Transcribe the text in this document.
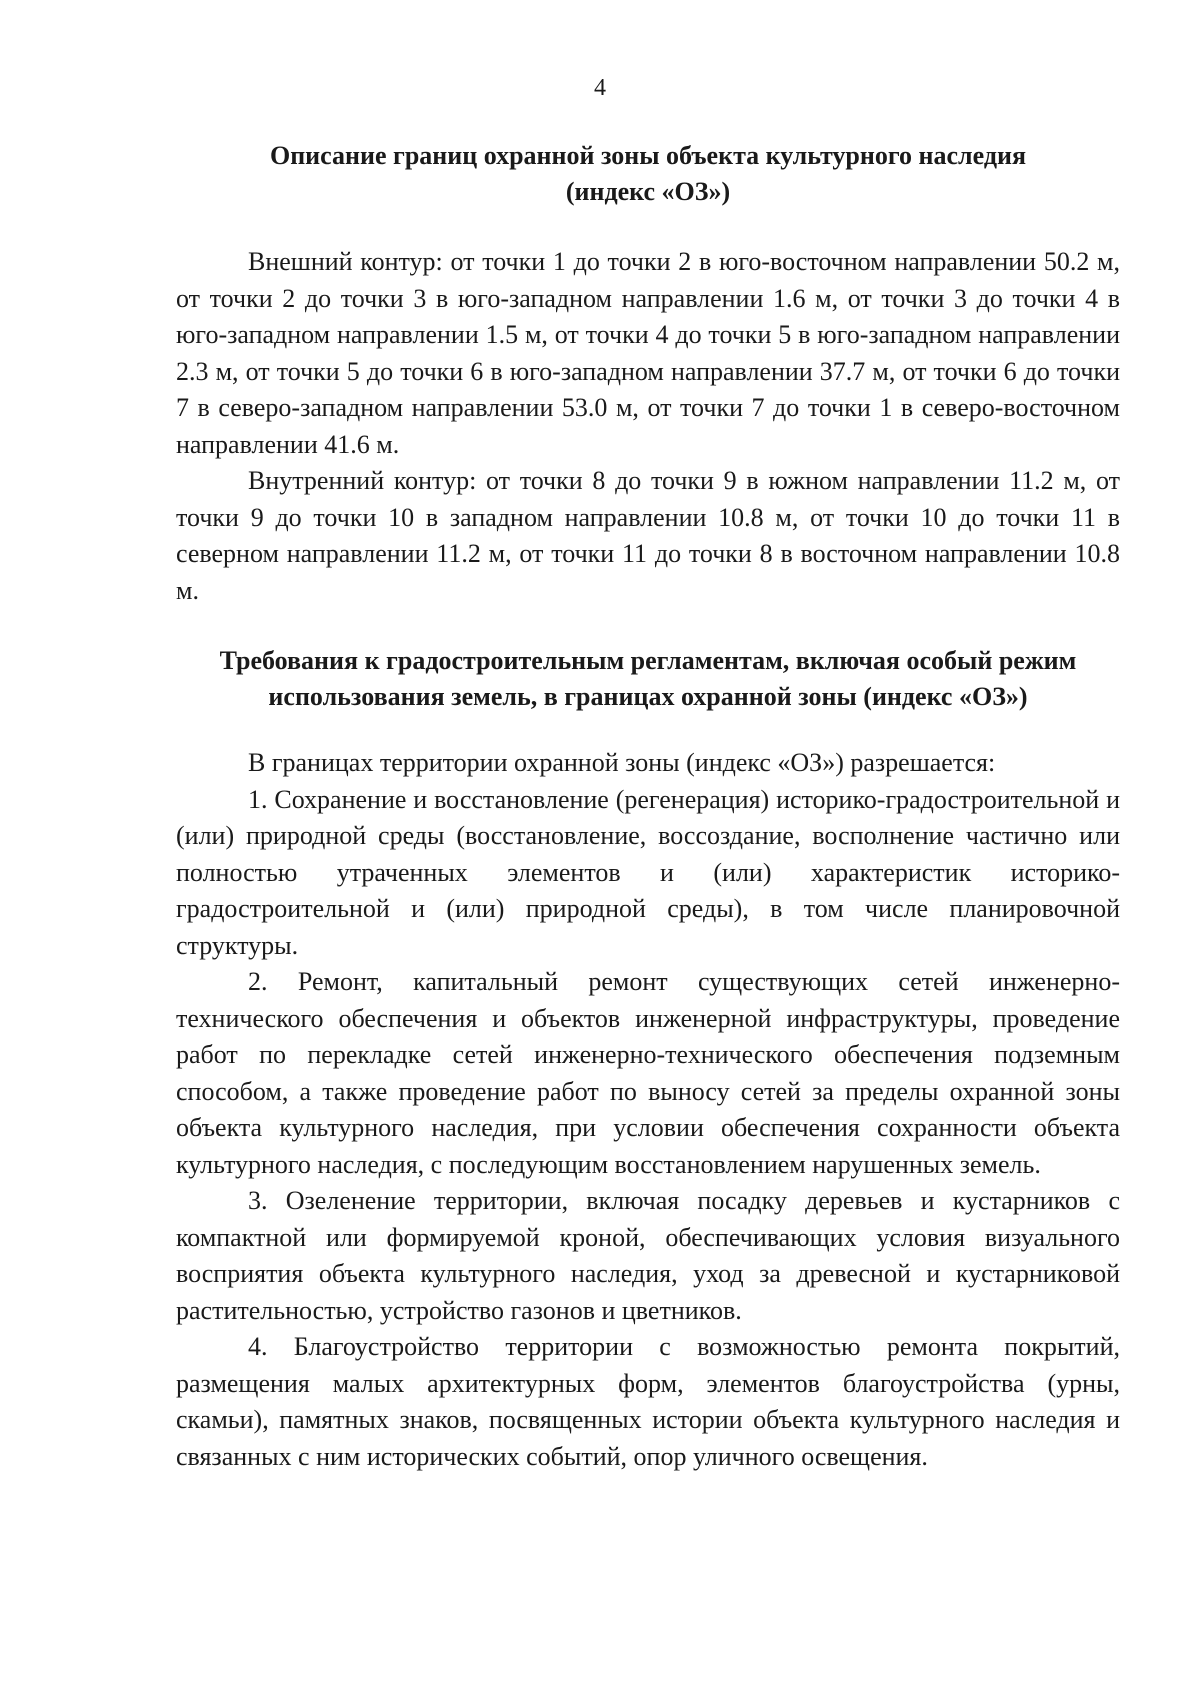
4
Описание границ охранной зоны объекта культурного наследия
(индекс «ОЗ»)

Внешний контур: от точки 1 до точки 2 в юго-восточном направлении 50.2 м, от точки 2 до точки 3 в юго-западном направлении 1.6 м, от точки 3 до точки 4 в юго-западном направлении 1.5 м, от точки 4 до точки 5 в юго-западном направлении 2.3 м, от точки 5 до точки 6 в юго-западном направлении 37.7 м, от точки 6 до точки 7 в северо-западном направлении 53.0 м, от точки 7 до точки 1 в северо-восточном направлении 41.6 м.

Внутренний контур: от точки 8 до точки 9 в южном направлении 11.2 м, от точки 9 до точки 10 в западном направлении 10.8 м, от точки 10 до точки 11 в северном направлении 11.2 м, от точки 11 до точки 8 в восточном направлении 10.8 м.

Требования к градостроительным регламентам, включая особый режим
использования земель, в границах охранной зоны (индекс «ОЗ»)

В границах территории охранной зоны (индекс «ОЗ») разрешается:

1. Сохранение и восстановление (регенерация) историко-градостроительной и (или) природной среды (восстановление, воссоздание, восполнение частично или полностью утраченных элементов и (или) характеристик историко-градостроительной и (или) природной среды), в том числе планировочной структуры.

2. Ремонт, капитальный ремонт существующих сетей инженерно-технического обеспечения и объектов инженерной инфраструктуры, проведение работ по перекладке сетей инженерно-технического обеспечения подземным способом, а также проведение работ по выносу сетей за пределы охранной зоны объекта культурного наследия, при условии обеспечения сохранности объекта культурного наследия, с последующим восстановлением нарушенных земель.

3. Озеленение территории, включая посадку деревьев и кустарников с компактной или формируемой кроной, обеспечивающих условия визуального восприятия объекта культурного наследия, уход за древесной и кустарниковой растительностью, устройство газонов и цветников.

4. Благоустройство территории с возможностью ремонта покрытий, размещения малых архитектурных форм, элементов благоустройства (урны, скамьи), памятных знаков, посвященных истории объекта культурного наследия и связанных с ним исторических событий, опор уличного освещения.
